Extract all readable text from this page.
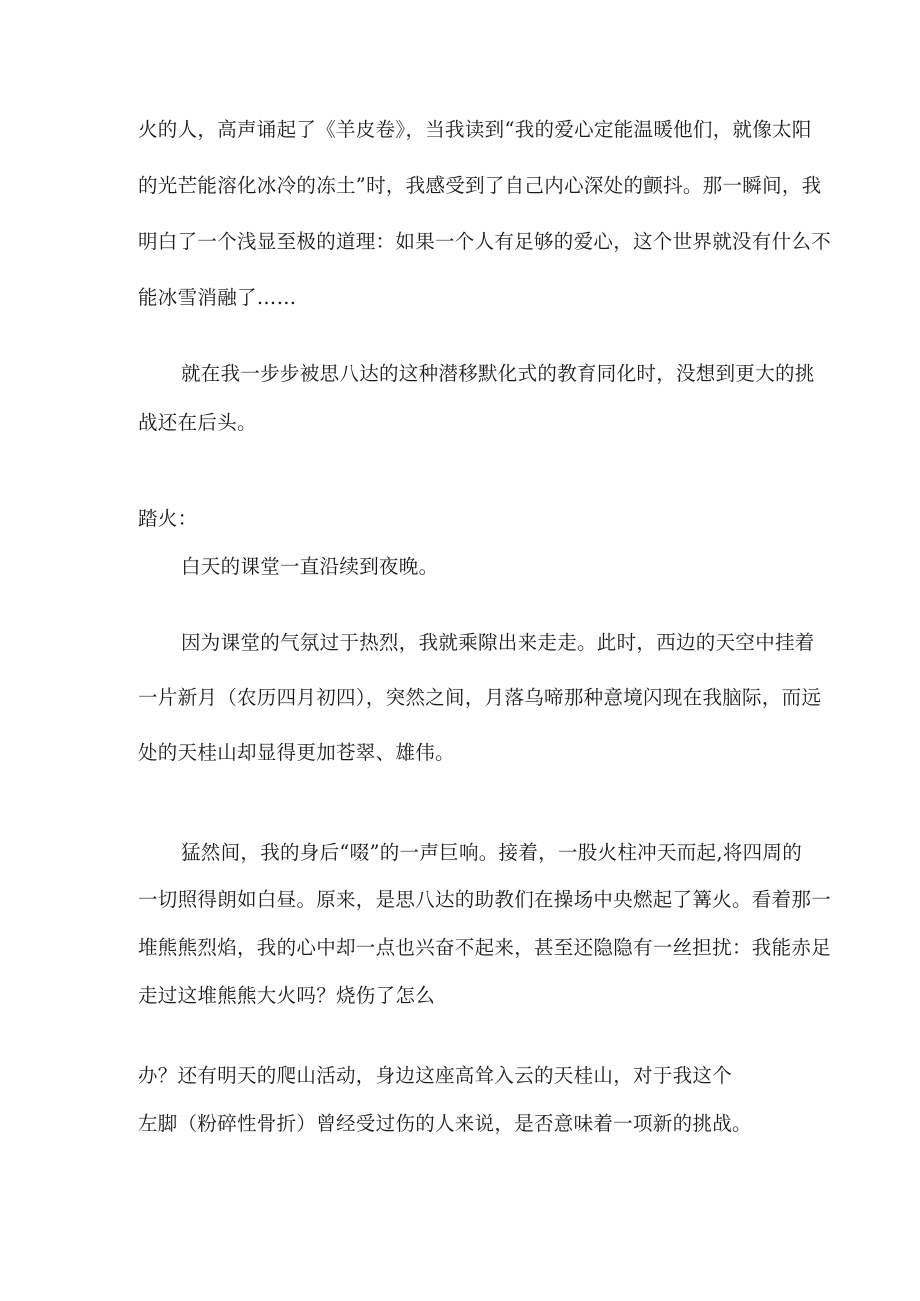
火的人，高声诵起了《羊皮卷》，当我读到“我的爱心定能温暖他们，就像太阳
的光芒能溶化冰冷的冻土”时，我感受到了自己内心深处的颤抖。那一瞬间，我
明白了一个浅显至极的道理：如果一个人有足够的爱心，这个世界就没有什么不
能冰雪消融了……
就在我一步步被思八达的这种潜移默化式的教育同化时，没想到更大的挑
战还在后头。
踏火：
白天的课堂一直沿续到夜晚。
因为课堂的气氛过于热烈，我就乘隙出来走走。此时，西边的天空中挂着
一片新月（农历四月初四），突然之间，月落乌啼那种意境闪现在我脑际，而远
处的天桂山却显得更加苍翠、雄伟。
猛然间，我的身后“啜”的一声巨响。接着，一股火柱冲天而起,将四周的
一切照得朗如白昼。原来，是思八达的助教们在操场中央燃起了篝火。看着那一
堆熊熊烈焰，我的心中却一点也兴奋不起来，甚至还隐隐有一丝担扰：我能赤足
走过这堆熊熊大火吗？烧伤了怎么
办？还有明天的爬山活动，身边这座高耸入云的天桂山，对于我这个
左脚（粉碎性骨折）曾经受过伤的人来说，是否意味着一项新的挑战。
